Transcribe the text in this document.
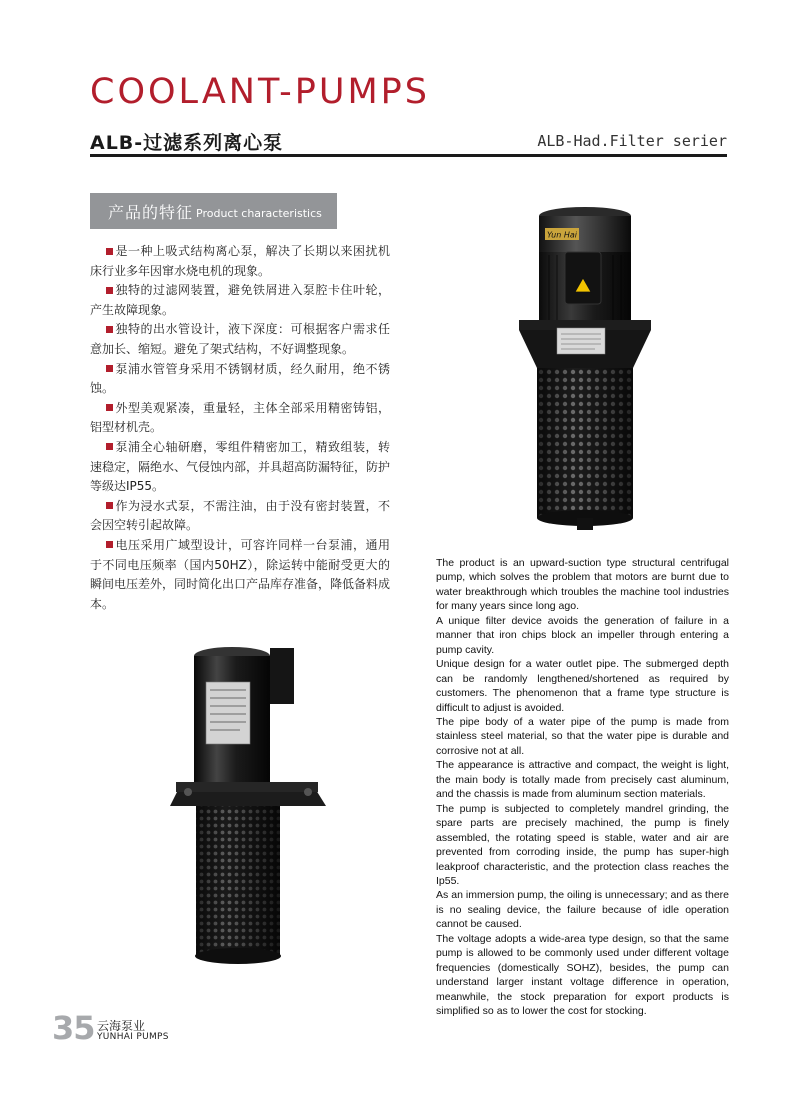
COOLANT-PUMPS
ALB-过滤系列离心泵	ALB-Had.Filter serier
产品的特征 Product characteristics

是一种上吸式结构离心泵，解决了长期以来困扰机床行业多年因窜水烧电机的现象。

独特的过滤网装置，避免铁屑进入泵腔卡住叶轮，产生故障现象。

独特的出水管设计，液下深度：可根据客户需求任意加长、缩短。避免了架式结构，不好调整现象。

泵浦水管管身采用不锈钢材质，经久耐用，绝不锈蚀。

外型美观紧凑，重量轻，主体全部采用精密铸铝，铝型材机壳。

泵浦全心轴研磨，零组件精密加工，精致组装，转速稳定，隔绝水、气侵蚀内部，并具超高防漏特征，防护等级达IP55。

作为浸水式泵，不需注油，由于没有密封装置，不会因空转引起故障。

电压采用广域型设计，可容许同样一台泵浦，通用于不同电压频率（国内50HZ），除运转中能耐受更大的瞬间电压差外，同时简化出口产品库存准备，降低备料成本。

Yun Hai

The product is an upward-suction type structural centrifugal pump, which solves the problem that motors are burnt due to water breakthrough which troubles the machine tool industries for many years since long ago.

A unique filter device avoids the generation of failure in a manner that iron chips block an impeller through entering a pump cavity.

Unique design for a water outlet pipe. The submerged depth can be randomly lengthened/shortened as required by customers. The phenomenon that a frame type structure is difficult to adjust is avoided.

The pipe body of a water pipe of the pump is made from stainless steel material, so that the water pipe is durable and corrosive not at all.

The appearance is attractive and compact, the weight is light, the main body is totally made from precisely cast aluminum, and the chassis is made from aluminum section materials.

The pump is subjected to completely mandrel grinding, the spare parts are precisely machined, the pump is finely assembled, the rotating speed is stable, water and air are prevented from corroding inside, the pump has super-high leakproof characteristic, and the protection class reaches the Ip55.

As an immersion pump, the oiling is unnecessary; and as there is no sealing device, the failure because of idle operation cannot be caused.

The voltage adopts a wide-area type design, so that the same pump is allowed to be commonly used under different voltage frequencies (domestically SOHZ), besides, the pump can understand larger instant voltage difference in operation, meanwhile, the stock preparation for export products is simplified so as to lower the cost for stocking.

35 云海泵业
YUNHAI PUMPS
